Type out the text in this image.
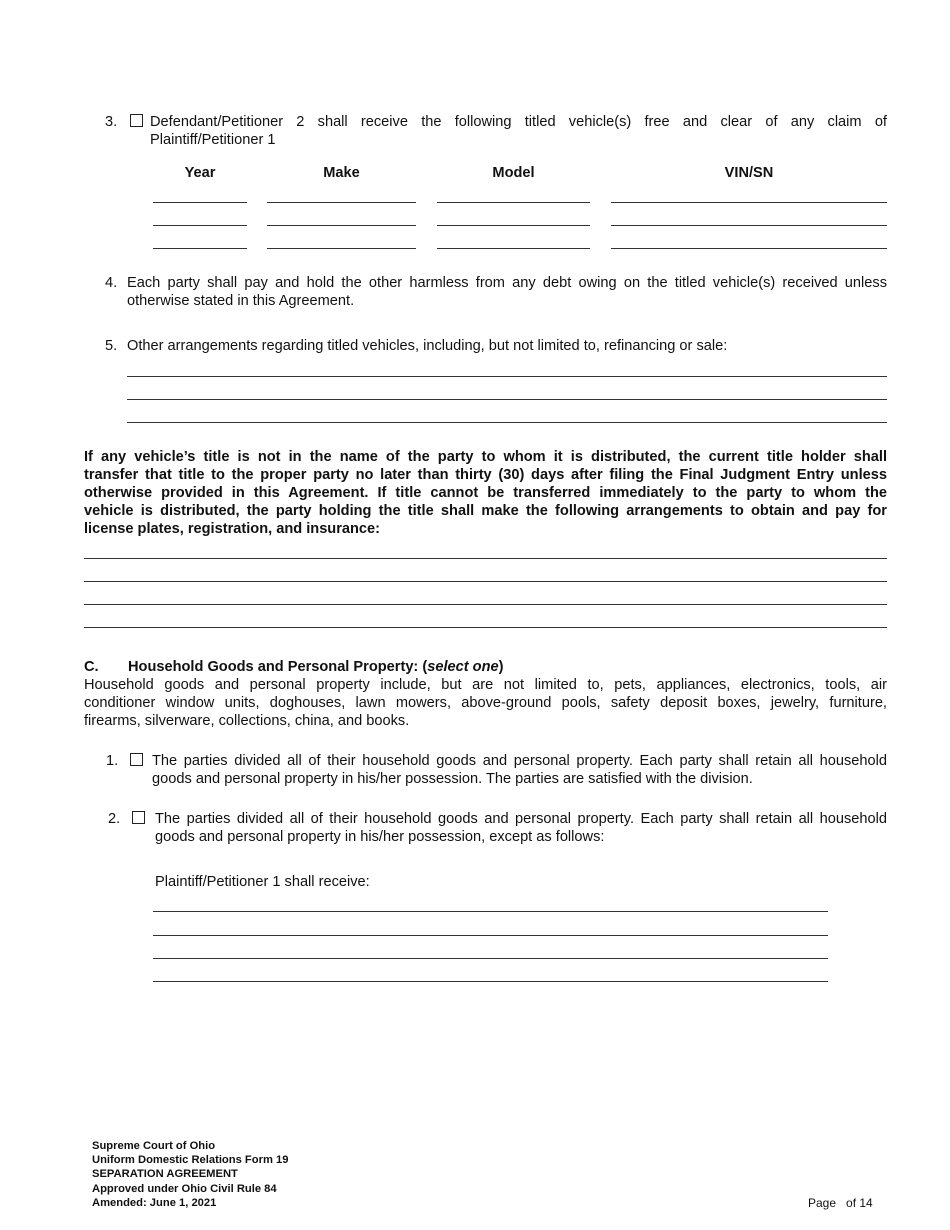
3. Defendant/Petitioner 2 shall receive the following titled vehicle(s) free and clear of any claim of
Plaintiff/Petitioner 1
Year	Make	Model	VIN/SN
4. Each party shall pay and hold the other harmless from any debt owing on the titled vehicle(s) received unless
otherwise stated in this Agreement.
5. Other arrangements regarding titled vehicles, including, but not limited to, refinancing or sale:
If any vehicle’s title is not in the name of the party to whom it is distributed, the current title holder shall
transfer that title to the proper party no later than thirty (30) days after filing the Final Judgment Entry unless
otherwise provided in this Agreement. If title cannot be transferred immediately to the party to whom the
vehicle is distributed, the party holding the title shall make the following arrangements to obtain and pay for
license plates, registration, and insurance:
C. Household Goods and Personal Property: (select one)
Household goods and personal property include, but are not limited to, pets, appliances, electronics, tools, air
conditioner window units, doghouses, lawn mowers, above-ground pools, safety deposit boxes, jewelry, furniture,
firearms, silverware, collections, china, and books.
1. The parties divided all of their household goods and personal property. Each party shall retain all household
goods and personal property in his/her possession. The parties are satisfied with the division.
2. The parties divided all of their household goods and personal property. Each party shall retain all household
goods and personal property in his/her possession, except as follows:
Plaintiff/Petitioner 1 shall receive:
Supreme Court of Ohio
Uniform Domestic Relations Form 19
SEPARATION AGREEMENT
Approved under Ohio Civil Rule 84
Amended: June 1, 2021	Page of 14
